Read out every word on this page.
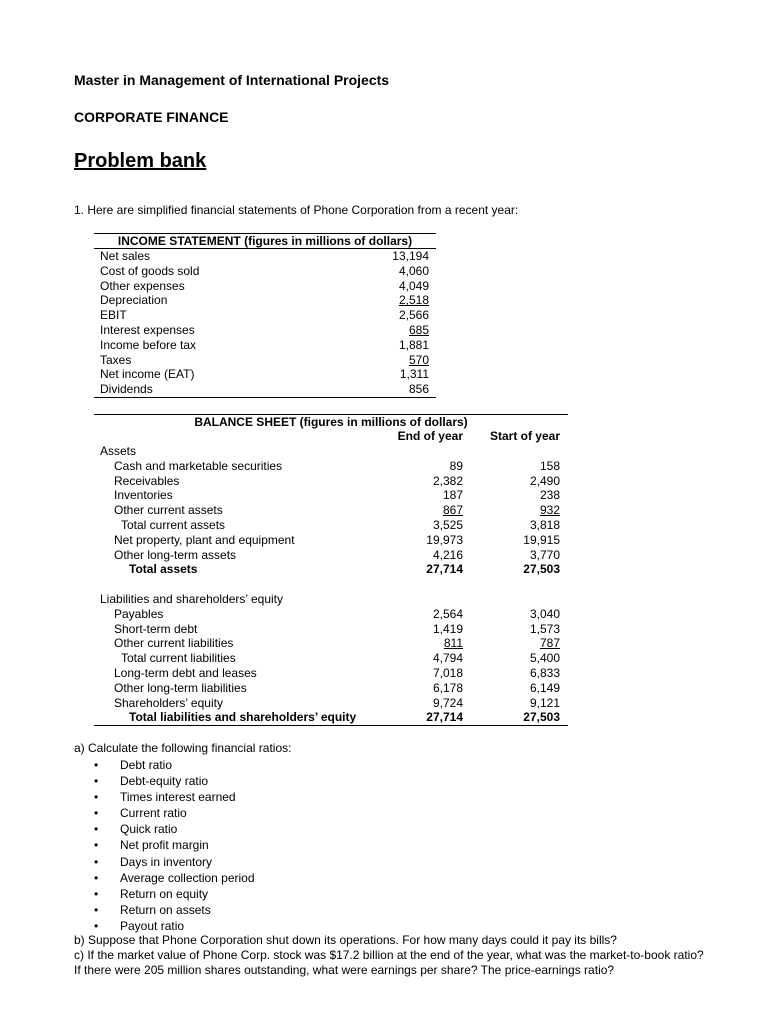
Master in Management of International Projects
CORPORATE FINANCE
Problem bank
1. Here are simplified financial statements of Phone Corporation from a recent year:
INCOME STATEMENT (figures in millions of dollars)
Net sales	13,194
Cost of goods sold	4,060
Other expenses	4,049
Depreciation	2,518
EBIT	2,566
Interest expenses	685
Income before tax	1,881
Taxes	570
Net income (EAT)	1,311
Dividends	856
BALANCE SHEET (figures in millions of dollars)
End of year	Start of year
Assets
Cash and marketable securities	89	158
Receivables	2,382	2,490
Inventories	187	238
Other current assets	867	932
Total current assets	3,525	3,818
Net property, plant and equipment	19,973	19,915
Other long-term assets	4,216	3,770
Total assets	27,714	27,503
Liabilities and shareholders’ equity
Payables	2,564	3,040
Short-term debt	1,419	1,573
Other current liabilities	811	787
Total current liabilities	4,794	5,400
Long-term debt and leases	7,018	6,833
Other long-term liabilities	6,178	6,149
Shareholders’ equity	9,724	9,121
Total liabilities and shareholders’ equity	27,714	27,503
a) Calculate the following financial ratios:
• Debt ratio
• Debt-equity ratio
• Times interest earned
• Current ratio
• Quick ratio
• Net profit margin
• Days in inventory
• Average collection period
• Return on equity
• Return on assets
• Payout ratio
b) Suppose that Phone Corporation shut down its operations. For how many days could it pay its bills?
c) If the market value of Phone Corp. stock was $17.2 billion at the end of the year, what was the market-to-book ratio? If there were 205 million shares outstanding, what were earnings per share? The price-earnings ratio?
